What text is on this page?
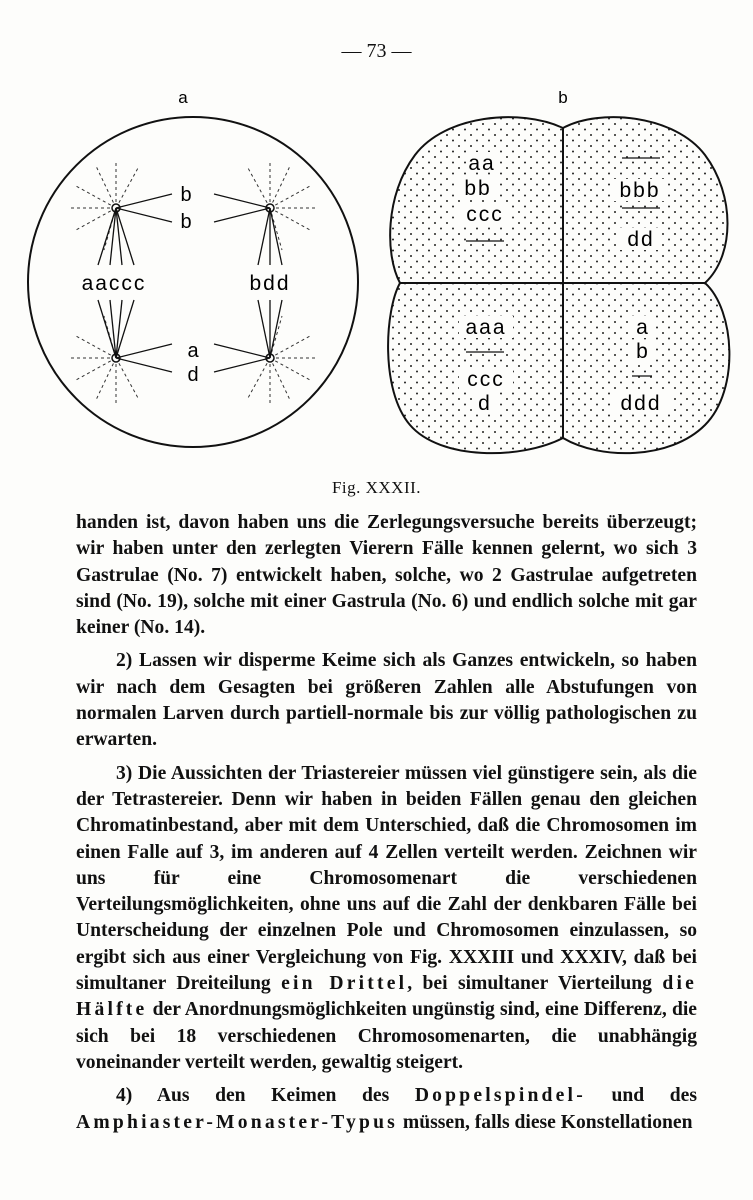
— 73 —
a
b
b
aaccc	bdd
a
d
b
aa
bb
ccc
bbb
dd
aaa
ccc
d
a
b
ddd
Fig. XXXII.

handen ist, davon haben uns die Zerlegungsversuche bereits überzeugt; wir haben unter den zerlegten Vierern Fälle kennen gelernt, wo sich 3 Gastrulae (No. 7) entwickelt haben, solche, wo 2 Gastrulae aufgetreten sind (No. 19), solche mit einer Gastrula (No. 6) und endlich solche mit gar keiner (No. 14).

2) Lassen wir disperme Keime sich als Ganzes entwickeln, so haben wir nach dem Gesagten bei größeren Zahlen alle Abstufungen von normalen Larven durch partiell-normale bis zur völlig pathologischen zu erwarten.

3) Die Aussichten der Triastereier müssen viel günstigere sein, als die der Tetrastereier. Denn wir haben in beiden Fällen genau den gleichen Chromatinbestand, aber mit dem Unterschied, daß die Chromosomen im einen Falle auf 3, im anderen auf 4 Zellen verteilt werden. Zeichnen wir uns für eine Chromosomenart die verschiedenen Verteilungsmöglichkeiten, ohne uns auf die Zahl der denkbaren Fälle bei Unterscheidung der einzelnen Pole und Chromosomen einzulassen, so ergibt sich aus einer Vergleichung von Fig. XXXIII und XXXIV, daß bei simultaner Dreiteilung ein Drittel, bei simultaner Vierteilung die Hälfte der Anordnungsmöglichkeiten ungünstig sind, eine Differenz, die sich bei 18 verschiedenen Chromosomenarten, die unabhängig voneinander verteilt werden, gewaltig steigert.

4) Aus den Keimen des Doppelspindel- und des Amphiaster-Monaster-Typus müssen, falls diese Konstellationen
